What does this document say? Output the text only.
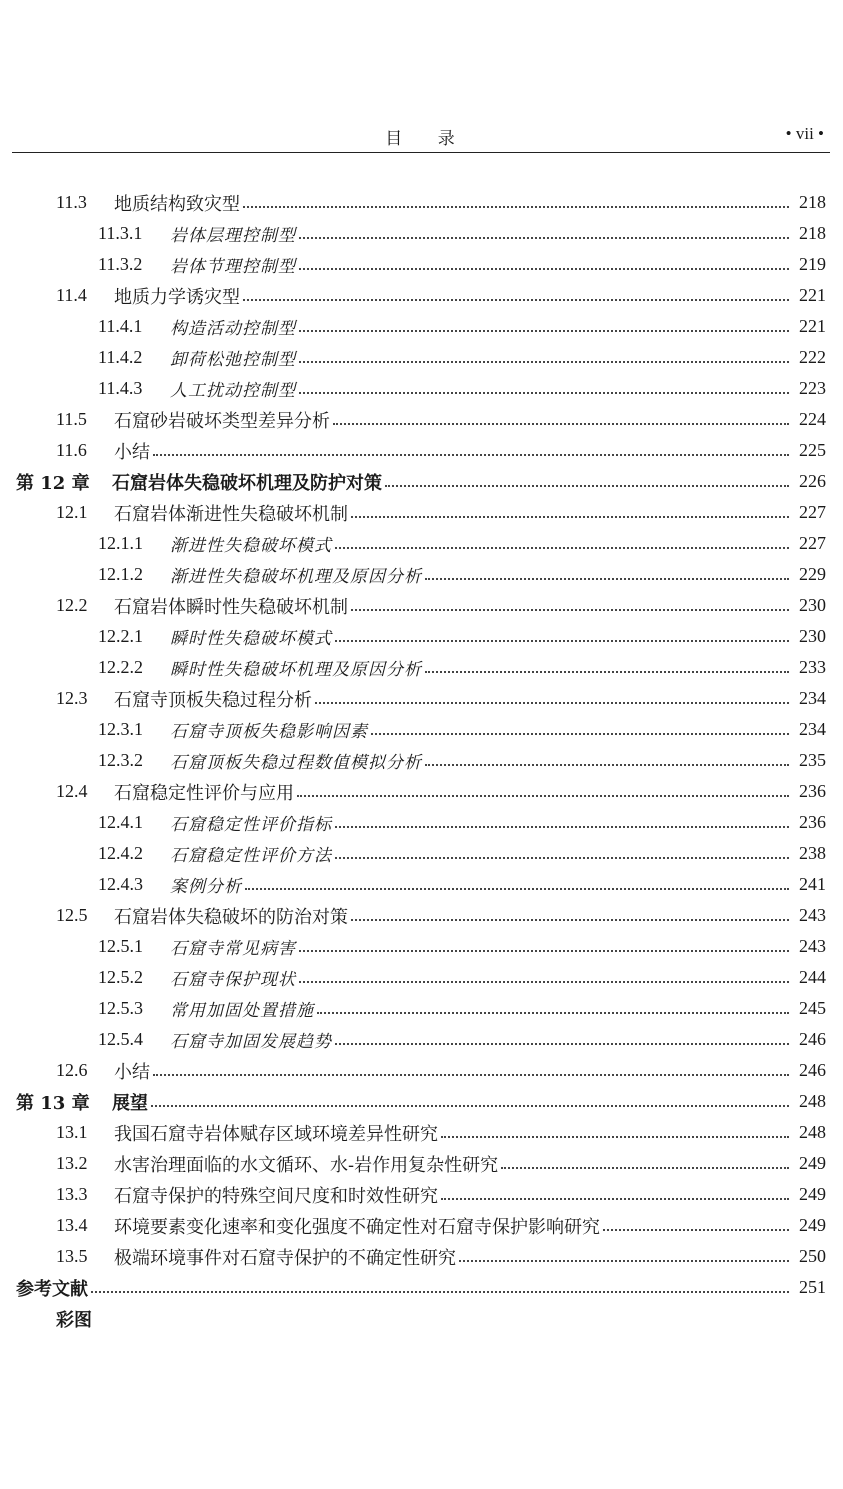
目 录	• vii •
11.3	地质结构致灾型	218
11.3.1	岩体层理控制型	218
11.3.2	岩体节理控制型	219
11.4	地质力学诱灾型	221
11.4.1	构造活动控制型	221
11.4.2	卸荷松弛控制型	222
11.4.3	人工扰动控制型	223
11.5	石窟砂岩破坏类型差异分析	224
11.6	小结	225
第 12 章	石窟岩体失稳破坏机理及防护对策	226
12.1	石窟岩体渐进性失稳破坏机制	227
12.1.1	渐进性失稳破坏模式	227
12.1.2	渐进性失稳破坏机理及原因分析	229
12.2	石窟岩体瞬时性失稳破坏机制	230
12.2.1	瞬时性失稳破坏模式	230
12.2.2	瞬时性失稳破坏机理及原因分析	233
12.3	石窟寺顶板失稳过程分析	234
12.3.1	石窟寺顶板失稳影响因素	234
12.3.2	石窟顶板失稳过程数值模拟分析	235
12.4	石窟稳定性评价与应用	236
12.4.1	石窟稳定性评价指标	236
12.4.2	石窟稳定性评价方法	238
12.4.3	案例分析	241
12.5	石窟岩体失稳破坏的防治对策	243
12.5.1	石窟寺常见病害	243
12.5.2	石窟寺保护现状	244
12.5.3	常用加固处置措施	245
12.5.4	石窟寺加固发展趋势	246
12.6	小结	246
第 13 章	展望	248
13.1	我国石窟寺岩体赋存区域环境差异性研究	248
13.2	水害治理面临的水文循环、水-岩作用复杂性研究	249
13.3	石窟寺保护的特殊空间尺度和时效性研究	249
13.4	环境要素变化速率和变化强度不确定性对石窟寺保护影响研究	249
13.5	极端环境事件对石窟寺保护的不确定性研究	250
参考文献	251
彩图
